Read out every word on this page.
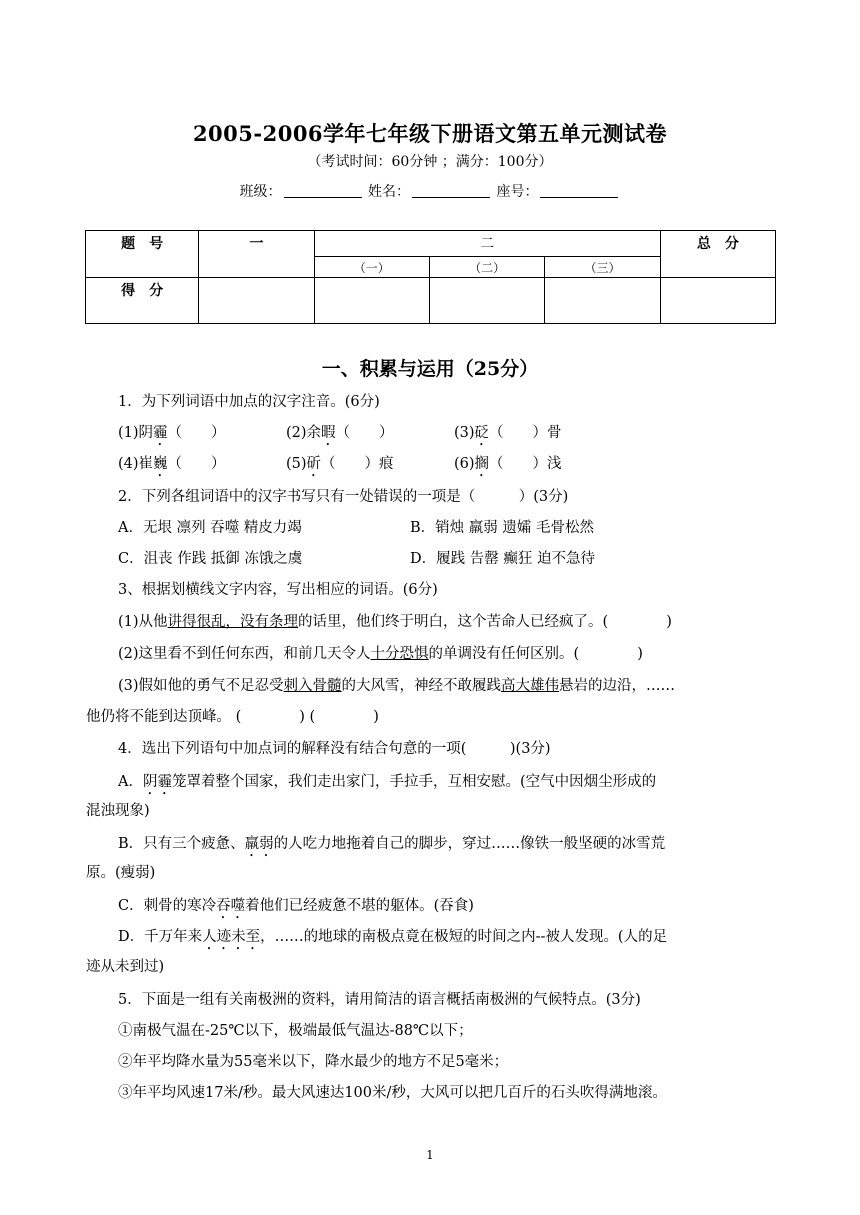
2005-2006学年七年级下册语文第五单元测试卷
（考试时间：60分钟 ；满分：100分）
班级：	姓名：	座号：
题　号	一	二			总　分
		（一）	（二）	（三）	
得　分					
一、积累与运用（25分）
1．为下列词语中加点的汉字注音。(6分)
(1)阴霾（　　）	(2)余暇（　　）	(3)砭（　　）骨
(4)崔巍（　　）	(5)斫（　　）痕	(6)搁（　　）浅
2．下列各组词语中的汉字书写只有一处错误的一项是（　　　）(3分)
A．无垠 凛列 吞噬 精皮力竭	B．销烛 羸弱 遗孀 毛骨松然
C．沮丧 作践 抵御 冻饿之虞	D．履践 告罄 癫狂 迫不急待
3、根据划横线文字内容，写出相应的词语。(6分)
(1)从他讲得很乱，没有条理的话里，他们终于明白，这个苦命人已经疯了。(　　　　)
(2)这里看不到任何东西，和前几天令人十分恐惧的单调没有任何区别。(　　　　)
(3)假如他的勇气不足忍受刺入骨髓的大风雪，神经不敢履践高大雄伟悬岩的边沿，……
他仍将不能到达顶峰。 (　　　　) (　　　　)
4．选出下列语句中加点词的解释没有结合句意的一项(　　　)(3分)
A．阴霾笼罩着整个国家，我们走出家门，手拉手，互相安慰。(空气中因烟尘形成的
混浊现象)
B．只有三个疲惫、羸弱的人吃力地拖着自己的脚步，穿过……像铁一般坚硬的冰雪荒
原。(瘦弱)
C．刺骨的寒冷吞噬着他们已经疲惫不堪的躯体。(吞食)
D．千万年来人迹未至，……的地球的南极点竟在极短的时间之内--被人发现。(人的足
迹从未到过)
5．下面是一组有关南极洲的资料，请用简洁的语言概括南极洲的气候特点。(3分)
①南极气温在-25℃以下，极端最低气温达-88℃以下；
②年平均降水量为55毫米以下，降水最少的地方不足5毫米；
③年平均风速17米/秒。最大风速达100米/秒，大风可以把几百斤的石头吹得满地滚。
1
